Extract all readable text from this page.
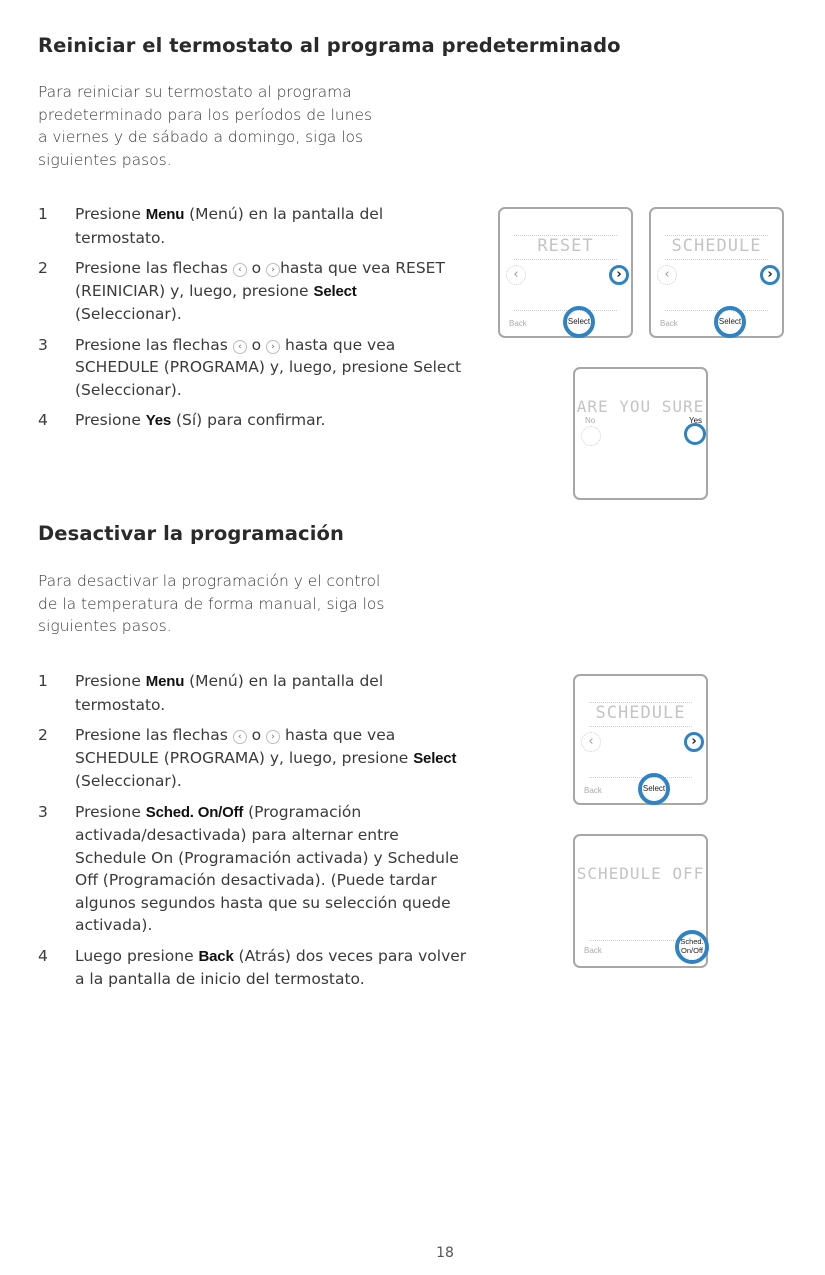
Reiniciar el termostato al programa predeterminado

Para reiniciar su termostato al programa
predeterminado para los períodos de lunes
a viernes y de sábado a domingo, siga los
siguientes pasos.

1 Presione Menu (Menú) en la pantalla del termostato.
2 Presione las flechas ‹ o › hasta que vea RESET (REINICIAR) y, luego, presione Select (Seleccionar).
3 Presione las flechas ‹ o › hasta que vea SCHEDULE (PROGRAMA) y, luego, presione Select (Seleccionar).
4 Presione Yes (Sí) para confirmar.
RESET
‹	›
Back	Select
SCHEDULE
‹	›
Back	Select
ARE YOU SURE
No	Yes
Desactivar la programación

Para desactivar la programación y el control
de la temperatura de forma manual, siga los
siguientes pasos.

1 Presione Menu (Menú) en la pantalla del termostato.
2 Presione las flechas ‹ o › hasta que vea SCHEDULE (PROGRAMA) y, luego, presione Select (Seleccionar).
3 Presione Sched. On/Off (Programación activada/desactivada) para alternar entre Schedule On (Programación activada) y Schedule Off (Programación desactivada). (Puede tardar algunos segundos hasta que su selección quede activada).
4 Luego presione Back (Atrás) dos veces para volver a la pantalla de inicio del termostato.
SCHEDULE
‹	›
Back	Select
SCHEDULE OFF
Back
Sched.
On/Off
18
